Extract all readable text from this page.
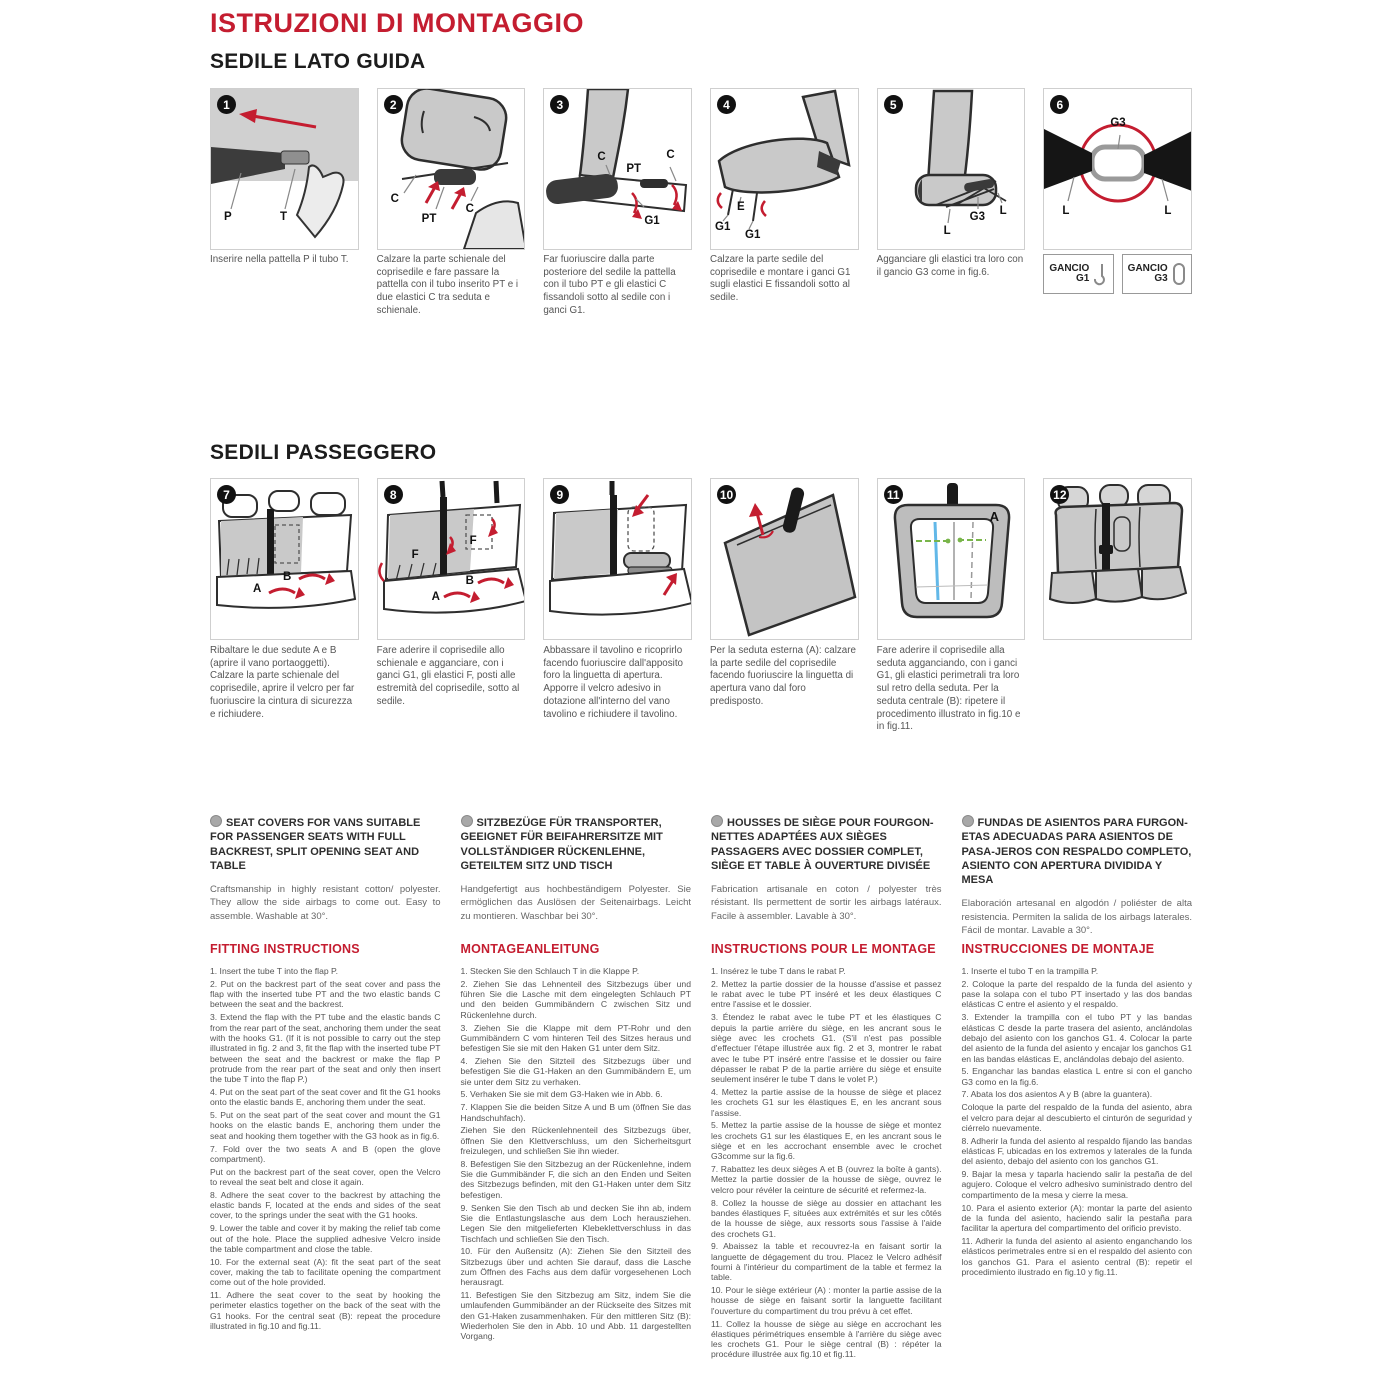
ISTRUZIONI DI MONTAGGIO
SEDILE LATO GUIDA
1
P	T
2
C
PT
C
3
C
PT
C
G1
4
G1
E
G1
5
L
G3 L
6
G3
L	L
Inserire nella pattella P il tubo T.	Calzare la parte schienale del coprisedile e fare passare la pattella con il tubo inserito PT e i due elastici C tra seduta e schienale.
Far fuoriuscire dalla parte posteriore del sedile la pattella con il tubo PT e gli elastici C fissandoli sotto al sedile con i ganci G1.
Calzare la parte sedile del coprisedile e montare i ganci G1 sugli elastici E fissandoli sotto al sedile.
Agganciare gli elastici tra loro con il gancio G3 come in fig.6.	GANCIO
G1
GANCIO
G3
SEDILI PASSEGGERO
7
A
B
8
F
F
B
A
9	10	11
A
12
Ribaltare le due sedute A e B (aprire il vano portaoggetti). Calzare la parte schienale del coprisedile, aprire il velcro per far fuoriuscire la cintura di sicurezza e richiudere.
Fare aderire il coprisedile allo schienale e agganciare, con i ganci G1, gli elastici F, posti alle estremità del coprisedile, sotto al sedile.
Abbassare il tavolino e ricoprirlo facendo fuoriuscire dall'apposito foro la linguetta di apertura. Apporre il velcro adesivo in dotazione all'interno del vano tavolino e richiudere il tavolino.
Per la seduta esterna (A): calzare la parte sedile del coprisedile facendo fuoriuscire la linguetta di apertura vano dal foro predisposto.
Fare aderire il coprisedile alla seduta agganciando, con i ganci G1, gli elastici perimetrali tra loro sul retro della seduta. Per la seduta centrale (B): ripetere il procedimento illustrato in fig.10 e in fig.11.
SEAT COVERS FOR VANS SUITABLE FOR PASSENGER SEATS WITH FULL BACKREST, SPLIT OPENING SEAT AND TABLE

Craftsmanship in highly resistant cotton/ polyester. They allow the side airbags to come out. Easy to assemble. Washable at 30°.

SITZBEZÜGE FÜR TRANSPORTER, GEEIGNET FÜR BEIFAHRERSITZE MIT VOLLSTÄNDIGER RÜCKENLEHNE, GETEILTEM SITZ UND TISCH

Handgefertigt aus hochbeständigem Polyester. Sie ermöglichen das Auslösen der Seitenairbags. Leicht zu montieren. Waschbar bei 30°.

HOUSSES DE SIÈGE POUR FOURGON-NETTES ADAPTÉES AUX SIÈGES PASSAGERS AVEC DOSSIER COMPLET, SIÈGE ET TABLE À OUVERTURE DIVISÉE

Fabrication artisanale en coton / polyester très résistant. Ils permettent de sortir les airbags latéraux. Facile à assembler. Lavable à 30°.

FUNDAS DE ASIENTOS PARA FURGON-ETAS ADECUADAS PARA ASIENTOS DE PASA-JEROS CON RESPALDO COMPLETO, ASIENTO CON APERTURA DIVIDIDA Y MESA

Elaboración artesanal en algodón / poliéster de alta resistencia. Permiten la salida de los airbags laterales. Fácil de montar. Lavable a 30°.

FITTING INSTRUCTIONS

1. Insert the tube T into the flap P.

2. Put on the backrest part of the seat cover and pass the flap with the inserted tube PT and the two elastic bands C between the seat and the backrest.

3. Extend the flap with the PT tube and the elastic bands C from the rear part of the seat, anchoring them under the seat with the hooks G1. (If it is not possible to carry out the step illustrated in fig. 2 and 3, fit the flap with the inserted tube PT between the seat and the backrest or make the flap P protrude from the rear part of the seat and only then insert the tube T into the flap P.)

4. Put on the seat part of the seat cover and fit the G1 hooks onto the elastic bands E, anchoring them under the seat.

5. Put on the seat part of the seat cover and mount the G1 hooks on the elastic bands E, anchoring them under the seat and hooking them together with the G3 hook as in fig.6.

7. Fold over the two seats A and B (open the glove compartment).

Put on the backrest part of the seat cover, open the Velcro to reveal the seat belt and close it again.

8. Adhere the seat cover to the backrest by attaching the elastic bands F, located at the ends and sides of the seat cover, to the springs under the seat with the G1 hooks.

9. Lower the table and cover it by making the relief tab come out of the hole. Place the supplied adhesive Velcro inside the table compartment and close the table.

10. For the external seat (A): fit the seat part of the seat cover, making the tab to facilitate opening the compartment come out of the hole provided.

11. Adhere the seat cover to the seat by hooking the perimeter elastics together on the back of the seat with the G1 hooks. For the central seat (B): repeat the procedure illustrated in fig.10 and fig.11.

MONTAGEANLEITUNG

1. Stecken Sie den Schlauch T in die Klappe P.

2. Ziehen Sie das Lehnenteil des Sitzbezugs über und führen Sie die Lasche mit dem eingelegten Schlauch PT und den beiden Gummibändern C zwischen Sitz und Rückenlehne durch.

3. Ziehen Sie die Klappe mit dem PT-Rohr und den Gummibändern C vom hinteren Teil des Sitzes heraus und befestigen Sie sie mit den Haken G1 unter dem Sitz.

4. Ziehen Sie den Sitzteil des Sitzbezugs über und befestigen Sie die G1-Haken an den Gummibändern E, um sie unter dem Sitz zu verhaken.

5. Verhaken Sie sie mit dem G3-Haken wie in Abb. 6.

7. Klappen Sie die beiden Sitze A und B um (öffnen Sie das Handschuhfach).

Ziehen Sie den Rückenlehnenteil des Sitzbezugs über, öffnen Sie den Klettverschluss, um den Sicherheitsgurt freizulegen, und schließen Sie ihn wieder.

8. Befestigen Sie den Sitzbezug an der Rückenlehne, indem Sie die Gummibänder F, die sich an den Enden und Seiten des Sitzbezugs befinden, mit den G1-Haken unter dem Sitz befestigen.

9. Senken Sie den Tisch ab und decken Sie ihn ab, indem Sie die Entlastungslasche aus dem Loch herausziehen. Legen Sie den mitgelieferten Klebeklettverschluss in das Tischfach und schließen Sie den Tisch.

10. Für den Außensitz (A): Ziehen Sie den Sitzteil des Sitzbezugs über und achten Sie darauf, dass die Lasche zum Öffnen des Fachs aus dem dafür vorgesehenen Loch herausragt.

11. Befestigen Sie den Sitzbezug am Sitz, indem Sie die umlaufenden Gummibänder an der Rückseite des Sitzes mit den G1-Haken zusammenhaken. Für den mittleren Sitz (B): Wiederholen Sie den in Abb. 10 und Abb. 11 dargestellten Vorgang.

INSTRUCTIONS POUR LE MONTAGE

1. Insérez le tube T dans le rabat P.

2. Mettez la partie dossier de la housse d'assise et passez le rabat avec le tube PT inséré et les deux élastiques C entre l'assise et le dossier.

3. Étendez le rabat avec le tube PT et les élastiques C depuis la partie arrière du siège, en les ancrant sous le siège avec les crochets G1. (S'il n'est pas possible d'effectuer l'étape illustrée aux fig. 2 et 3, montrer le rabat avec le tube PT inséré entre l'assise et le dossier ou faire dépasser le rabat P de la partie arrière du siège et ensuite seulement insérer le tube T dans le volet P.)

4. Mettez la partie assise de la housse de siège et placez les crochets G1 sur les élastiques E, en les ancrant sous l'assise.

5. Mettez la partie assise de la housse de siège et montez les crochets G1 sur les élastiques E, en les ancrant sous le siège et en les accrochant ensemble avec le crochet G3comme sur la fig.6.

7. Rabattez les deux sièges A et B (ouvrez la boîte à gants). Mettez la partie dossier de la housse de siège, ouvrez le velcro pour révéler la ceinture de sécurité et refermez-la.

8. Collez la housse de siège au dossier en attachant les bandes élastiques F, situées aux extrémités et sur les côtés de la housse de siège, aux ressorts sous l'assise à l'aide des crochets G1.

9. Abaissez la table et recouvrez-la en faisant sortir la languette de dégagement du trou. Placez le Velcro adhésif fourni à l'intérieur du compartiment de la table et fermez la table.

10. Pour le siège extérieur (A) : monter la partie assise de la housse de siège en faisant sortir la languette facilitant l'ouverture du compartiment du trou prévu à cet effet.

11. Collez la housse de siège au siège en accrochant les élastiques périmétriques ensemble à l'arrière du siège avec les crochets G1. Pour le siège central (B) : répéter la procédure illustrée aux fig.10 et fig.11.

INSTRUCCIONES DE MONTAJE

1. Inserte el tubo T en la trampilla P.

2. Coloque la parte del respaldo de la funda del asiento y pase la solapa con el tubo PT insertado y las dos bandas elásticas C entre el asiento y el respaldo.

3. Extender la trampilla con el tubo PT y las bandas elásticas C desde la parte trasera del asiento, anclándolas debajo del asiento con los ganchos G1. 4. Colocar la parte del asiento de la funda del asiento y encajar los ganchos G1 en las bandas elásticas E, anclándolas debajo del asiento.

5. Enganchar las bandas elastica L entre si con el gancho G3 como en la fig.6.

7. Abata los dos asientos A y B (abre la guantera).

Coloque la parte del respaldo de la funda del asiento, abra el velcro para dejar al descubierto el cinturón de seguridad y ciérrelo nuevamente.

8. Adherir la funda del asiento al respaldo fijando las bandas elásticas F, ubicadas en los extremos y laterales de la funda del asiento, debajo del asiento con los ganchos G1.

9. Bajar la mesa y taparla haciendo salir la pestaña de del agujero. Coloque el velcro adhesivo suministrado dentro del compartimento de la mesa y cierre la mesa.

10. Para el asiento exterior (A): montar la parte del asiento de la funda del asiento, haciendo salir la pestaña para facilitar la apertura del compartimento del orificio previsto.

11. Adherir la funda del asiento al asiento enganchando los elásticos perimetrales entre si en el respaldo del asiento con los ganchos G1. Para el asiento central (B): repetir el procedimiento ilustrado en fig.10 y fig.11.
